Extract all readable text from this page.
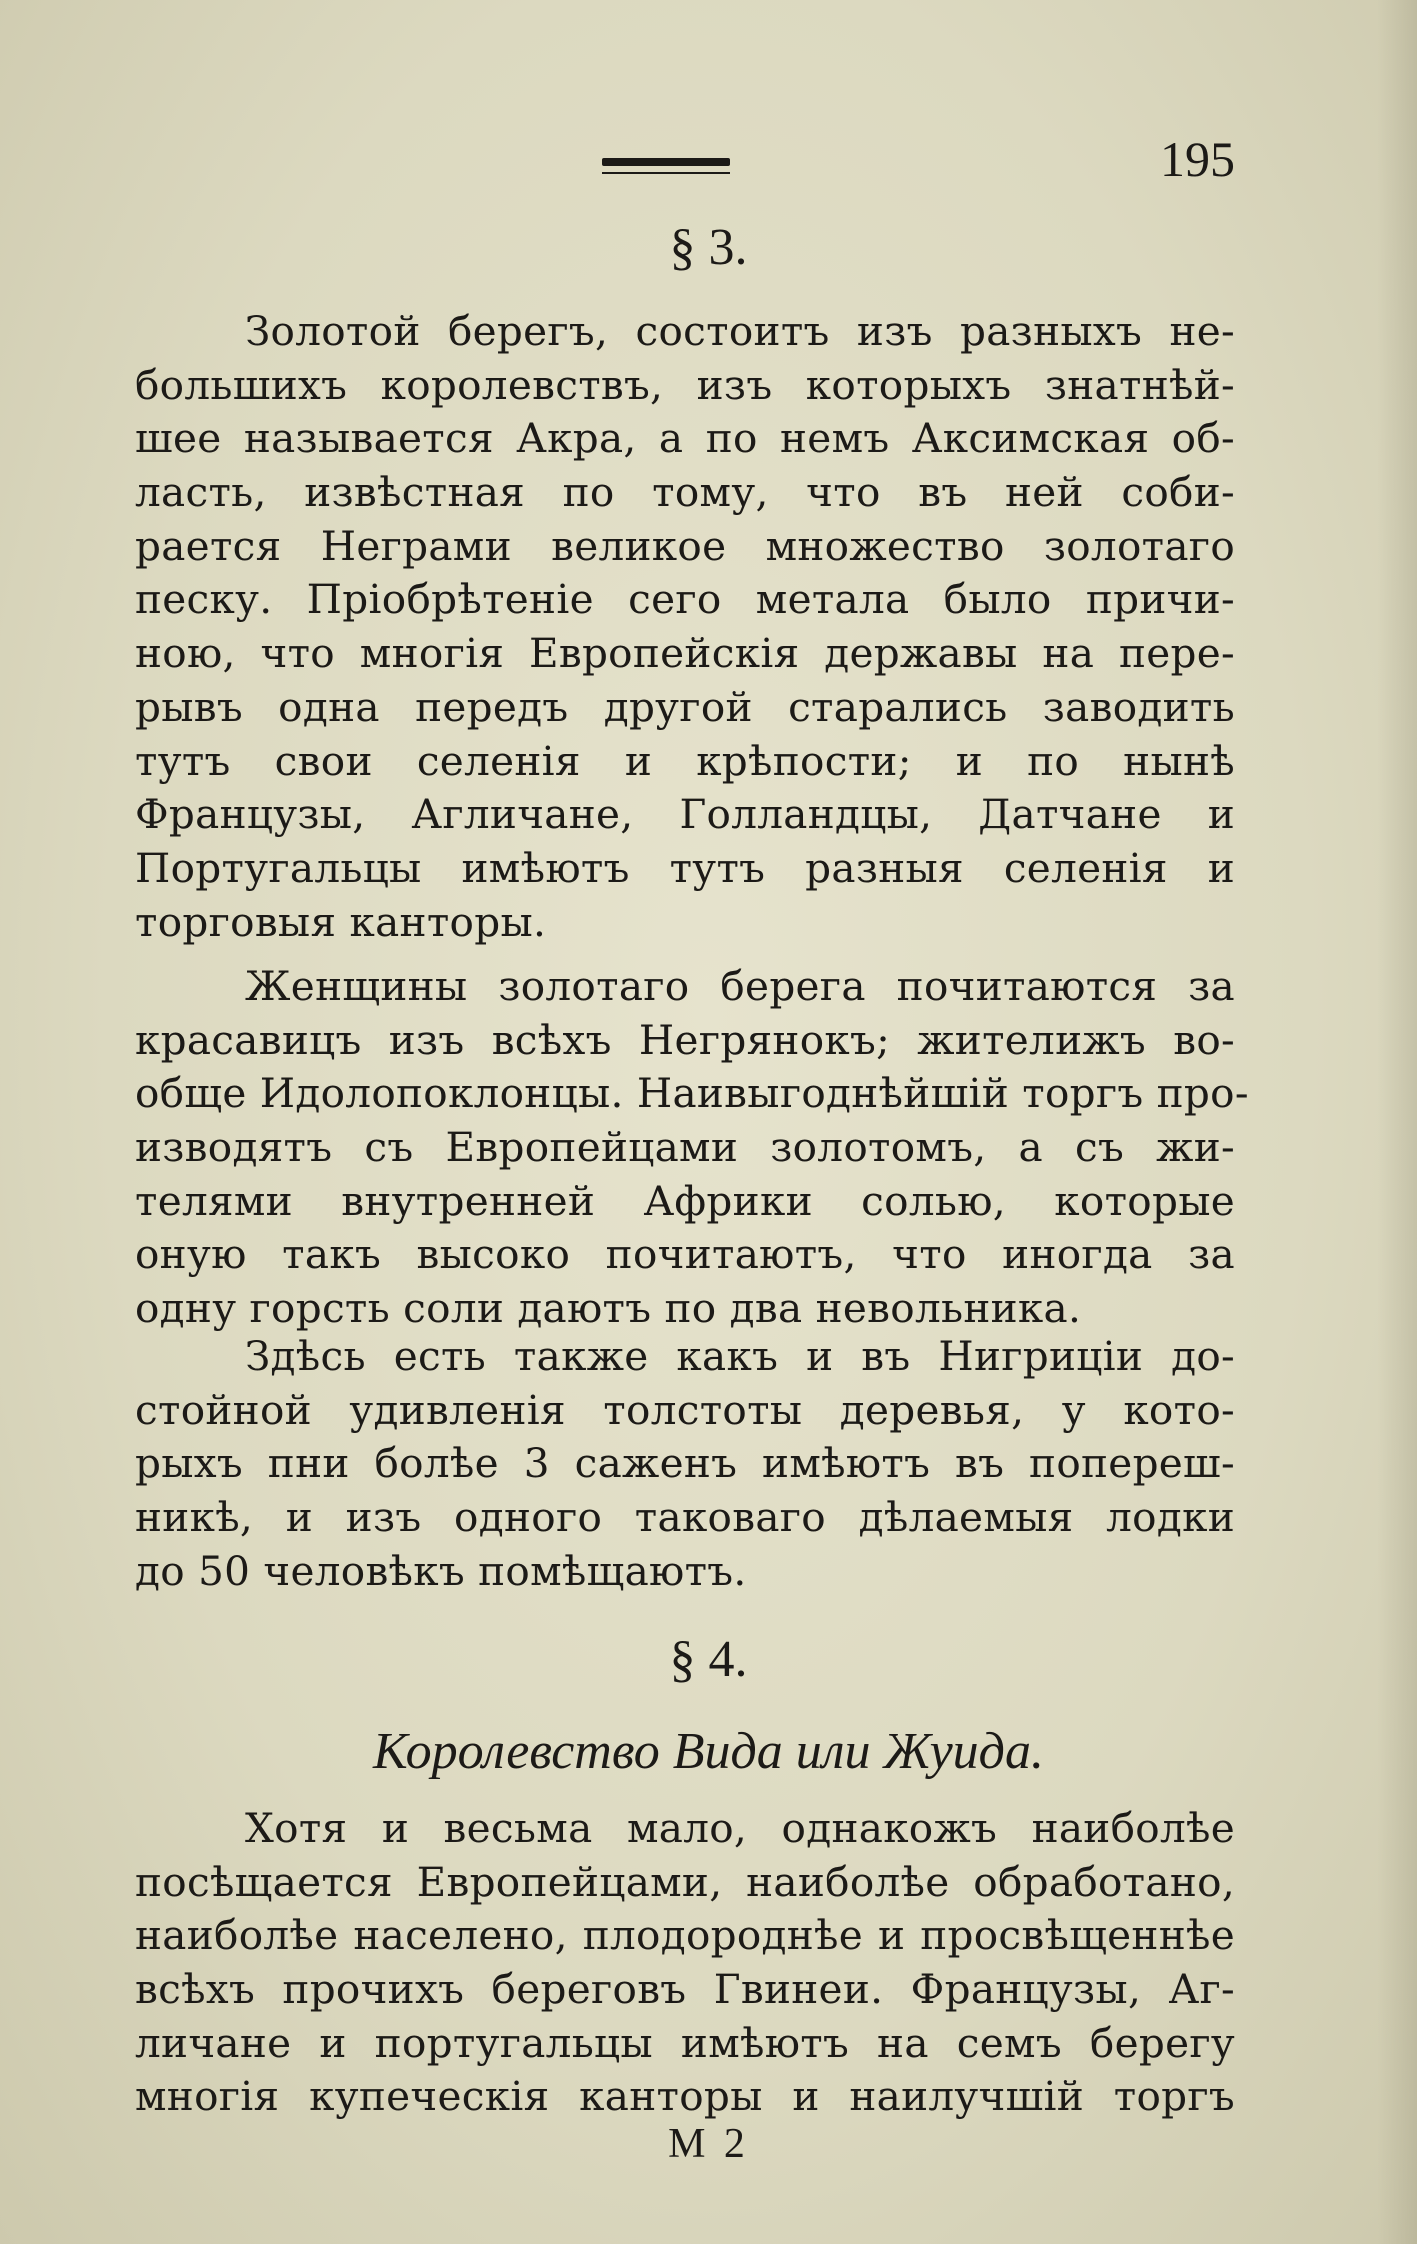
195
§ 3.
Золотой берегъ, состоитъ изъ разныхъ не-
большихъ королевствъ, изъ которыхъ знатнѣй-
шее называется Акра, а по немъ Аксимская об-
ласть, извѣстная по тому, что въ ней соби-
рается Неграми великое множество золотаго
песку. Пріобрѣтеніе сего метала было причи-
ною, что многія Европейскія державы на пере-
рывъ одна передъ другой старались заводить
тутъ свои селенія и крѣпости; и по нынѣ
Французы, Агличане, Голландцы, Датчане и
Португальцы имѣютъ тутъ разныя селенія и
торговыя канторы.
Женщины золотаго берега почитаются за
красавицъ изъ всѣхъ Негрянокъ; жителижъ во-
обще Идолопоклонцы. Наивыгоднѣйшій торгъ про-
изводятъ съ Европейцами золотомъ, а съ жи-
телями внутренней Африки солью, которые
оную такъ высоко почитаютъ, что иногда за
одну горсть соли даютъ по два невольника.
Здѣсь есть также какъ и въ Нигриціи до-
стойной удивленія толстоты деревья, у кото-
рыхъ пни болѣе 3 саженъ имѣютъ въ попереш-
никѣ, и изъ одного таковаго дѣлаемыя лодки
до 50 человѣкъ помѣщаютъ.
§ 4.
Королевство Вида или Жуида.
Хотя и весьма мало, однакожъ наиболѣе
посѣщается Европейцами, наиболѣе обработано,
наиболѣе населено, плодороднѣе и просвѣщеннѣе
всѣхъ прочихъ береговъ Гвинеи. Французы, Аг-
личане и португальцы имѣютъ на семъ берегу
многія купеческія канторы и наилучшій торгъ
M 2
